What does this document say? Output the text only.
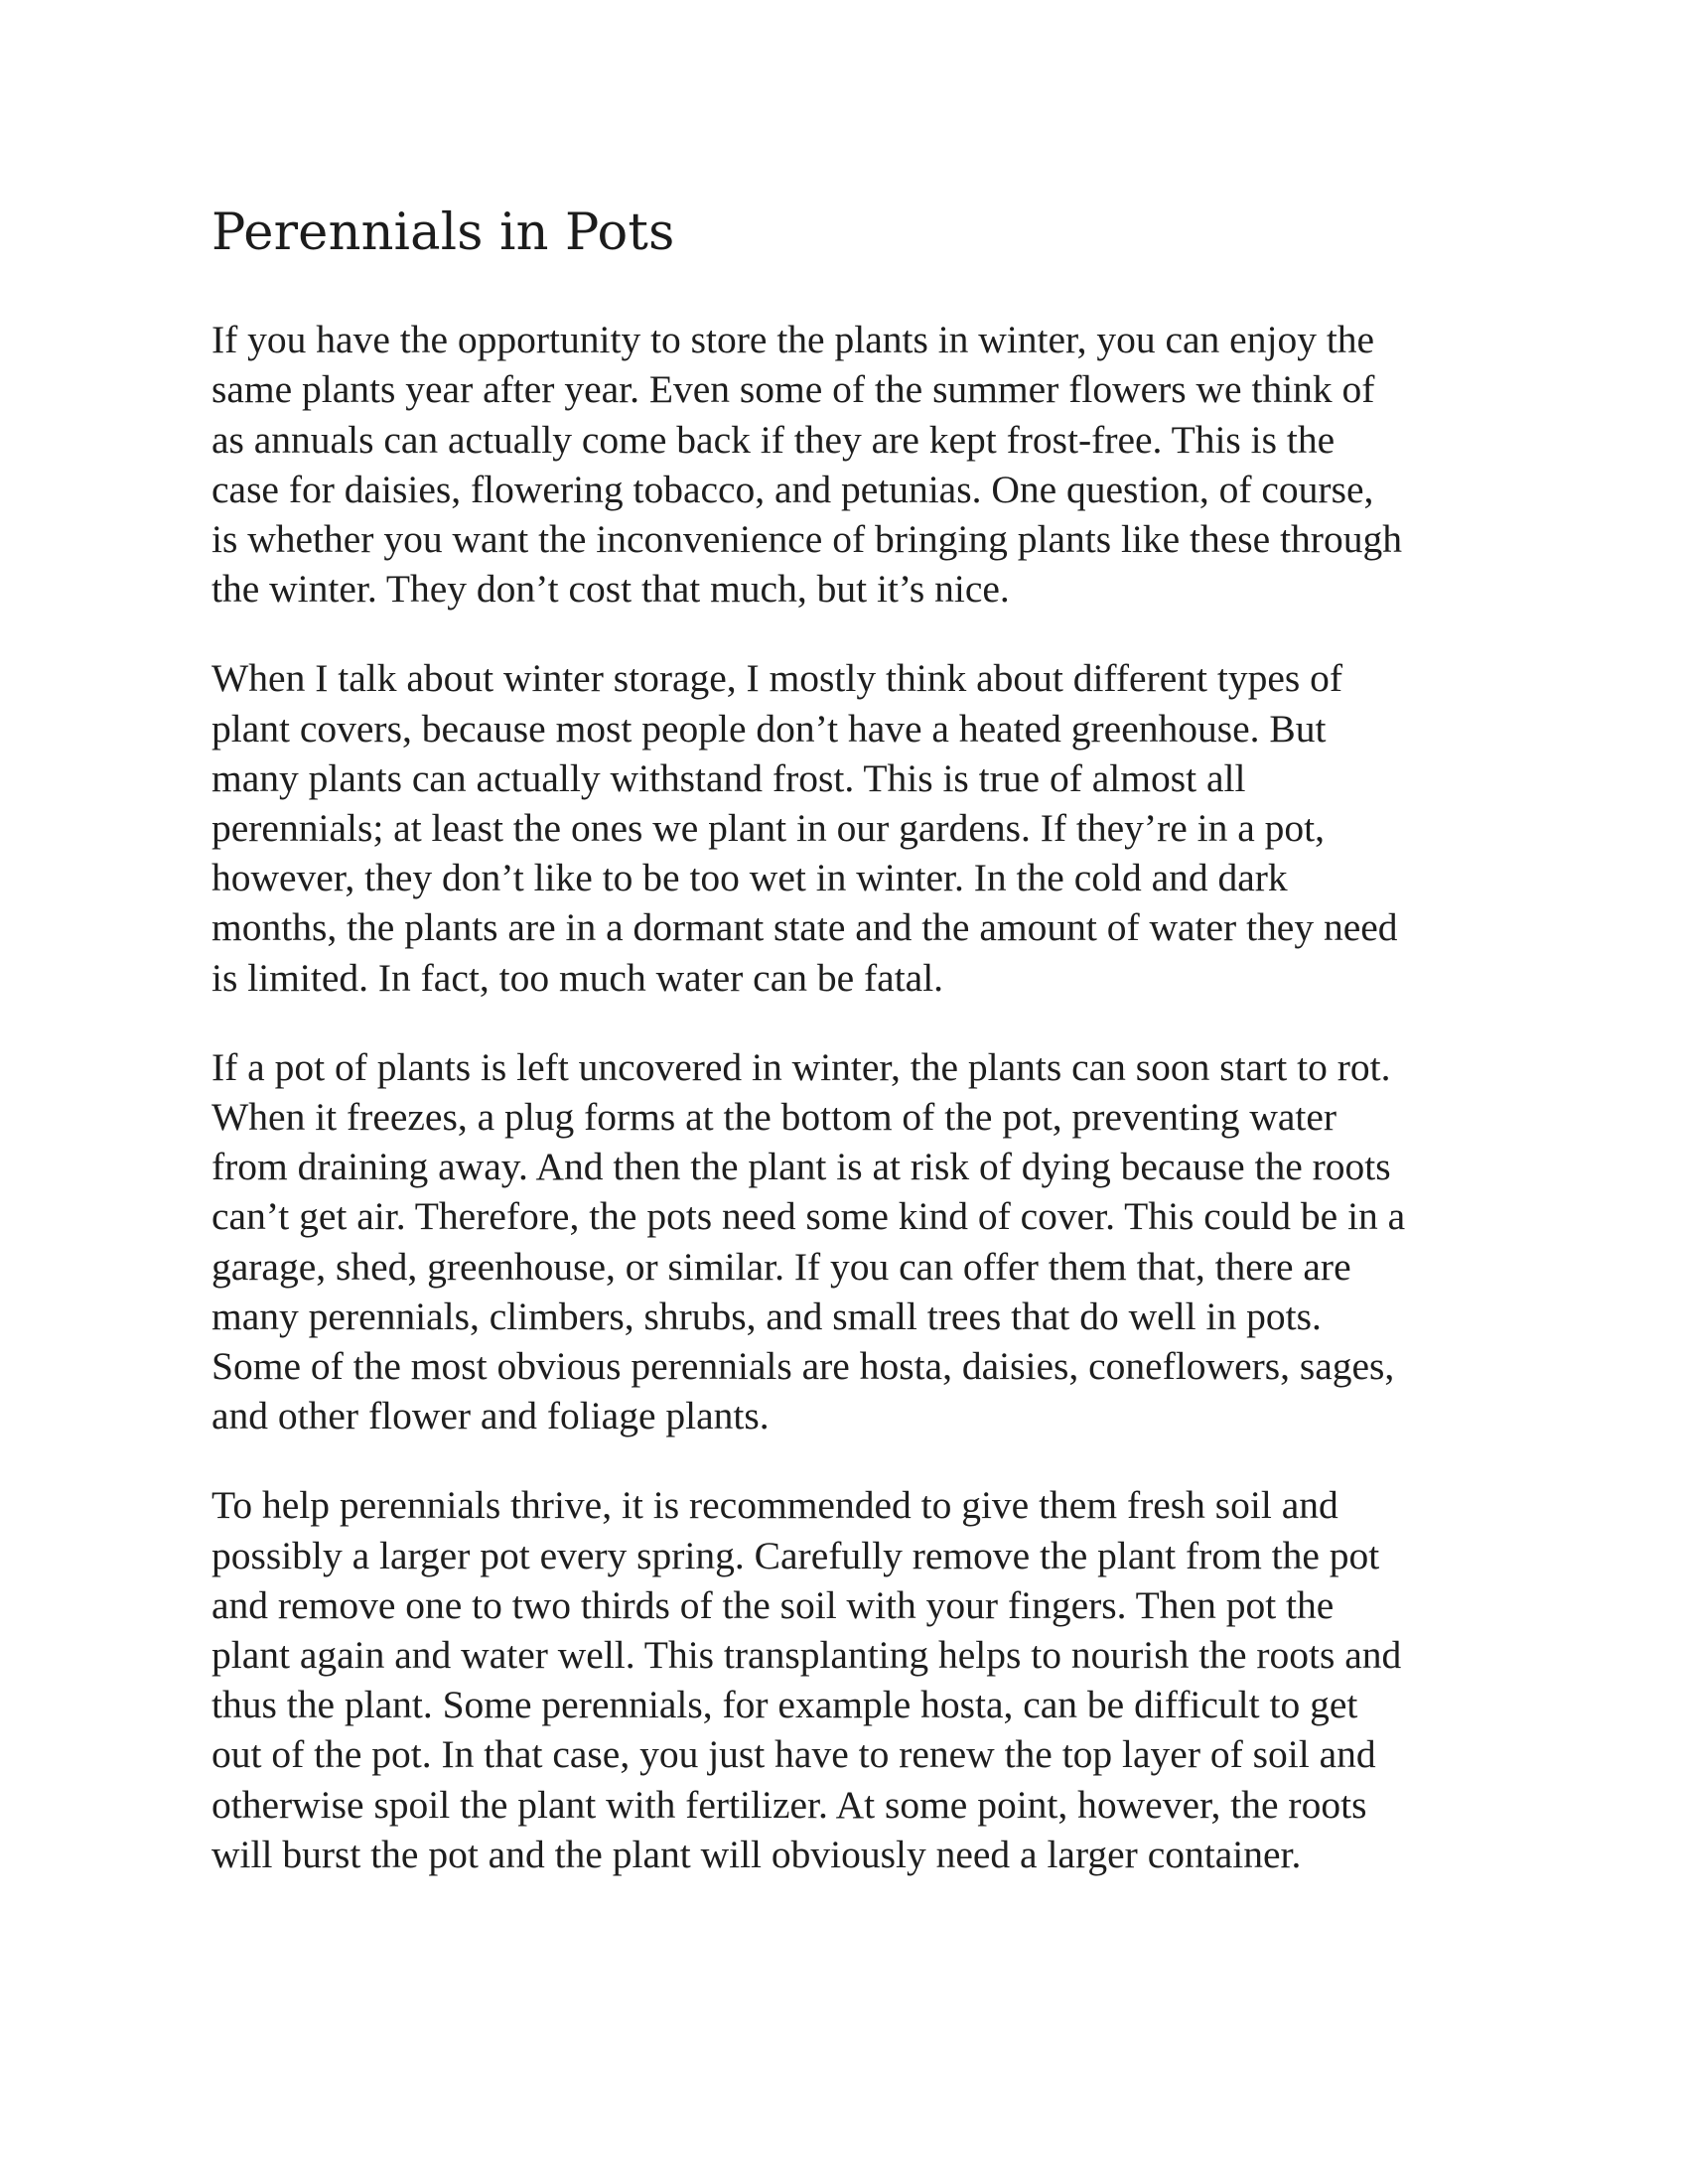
Perennials in Pots

If you have the opportunity to store the plants in winter, you can enjoy the
same plants year after year. Even some of the summer flowers we think of
as annuals can actually come back if they are kept frost-free. This is the
case for daisies, flowering tobacco, and petunias. One question, of course,
is whether you want the inconvenience of bringing plants like these through
the winter. They don’t cost that much, but it’s nice.

When I talk about winter storage, I mostly think about different types of
plant covers, because most people don’t have a heated greenhouse. But
many plants can actually withstand frost. This is true of almost all
perennials; at least the ones we plant in our gardens. If they’re in a pot,
however, they don’t like to be too wet in winter. In the cold and dark
months, the plants are in a dormant state and the amount of water they need
is limited. In fact, too much water can be fatal.

If a pot of plants is left uncovered in winter, the plants can soon start to rot.
When it freezes, a plug forms at the bottom of the pot, preventing water
from draining away. And then the plant is at risk of dying because the roots
can’t get air. Therefore, the pots need some kind of cover. This could be in a
garage, shed, greenhouse, or similar. If you can offer them that, there are
many perennials, climbers, shrubs, and small trees that do well in pots.
Some of the most obvious perennials are hosta, daisies, coneflowers, sages,
and other flower and foliage plants.

To help perennials thrive, it is recommended to give them fresh soil and
possibly a larger pot every spring. Carefully remove the plant from the pot
and remove one to two thirds of the soil with your fingers. Then pot the
plant again and water well. This transplanting helps to nourish the roots and
thus the plant. Some perennials, for example hosta, can be difficult to get
out of the pot. In that case, you just have to renew the top layer of soil and
otherwise spoil the plant with fertilizer. At some point, however, the roots
will burst the pot and the plant will obviously need a larger container.
